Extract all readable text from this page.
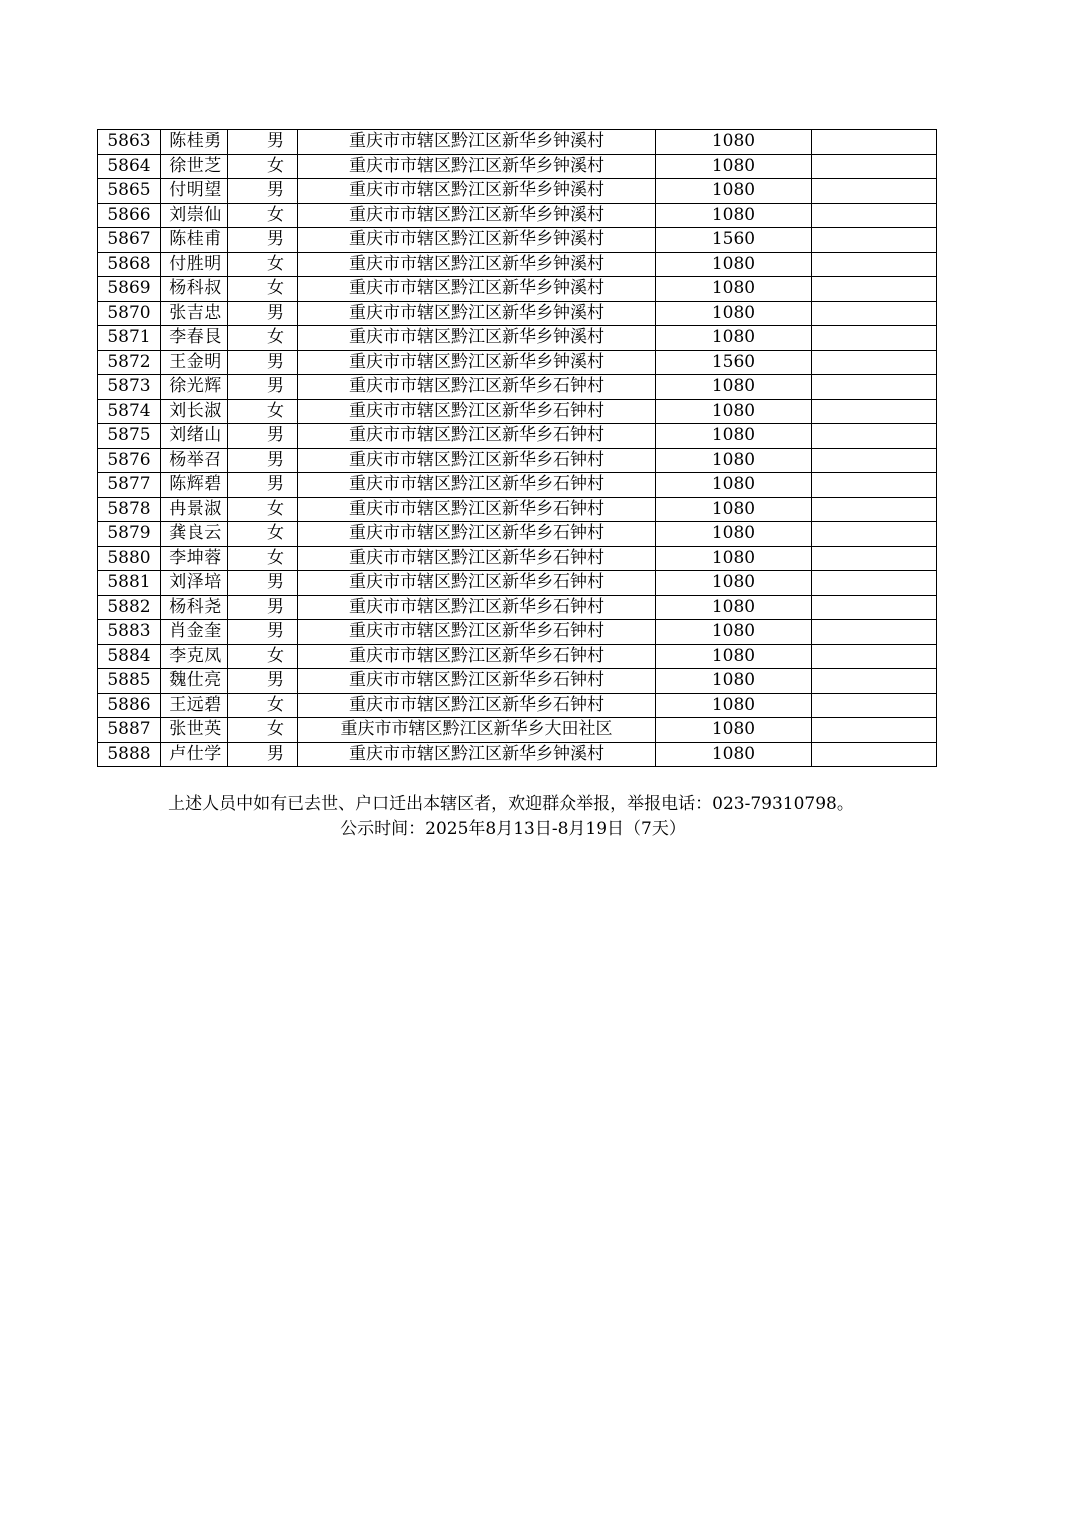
5863	陈桂勇	男	重庆市市辖区黔江区新华乡钟溪村	1080	
5864	徐世芝	女	重庆市市辖区黔江区新华乡钟溪村	1080	
5865	付明望	男	重庆市市辖区黔江区新华乡钟溪村	1080	
5866	刘崇仙	女	重庆市市辖区黔江区新华乡钟溪村	1080	
5867	陈桂甫	男	重庆市市辖区黔江区新华乡钟溪村	1560	
5868	付胜明	女	重庆市市辖区黔江区新华乡钟溪村	1080	
5869	杨科叔	女	重庆市市辖区黔江区新华乡钟溪村	1080	
5870	张吉忠	男	重庆市市辖区黔江区新华乡钟溪村	1080	
5871	李春艮	女	重庆市市辖区黔江区新华乡钟溪村	1080	
5872	王金明	男	重庆市市辖区黔江区新华乡钟溪村	1560	
5873	徐光辉	男	重庆市市辖区黔江区新华乡石钟村	1080	
5874	刘长淑	女	重庆市市辖区黔江区新华乡石钟村	1080	
5875	刘绪山	男	重庆市市辖区黔江区新华乡石钟村	1080	
5876	杨举召	男	重庆市市辖区黔江区新华乡石钟村	1080	
5877	陈辉碧	男	重庆市市辖区黔江区新华乡石钟村	1080	
5878	冉景淑	女	重庆市市辖区黔江区新华乡石钟村	1080	
5879	龚良云	女	重庆市市辖区黔江区新华乡石钟村	1080	
5880	李坤蓉	女	重庆市市辖区黔江区新华乡石钟村	1080	
5881	刘泽培	男	重庆市市辖区黔江区新华乡石钟村	1080	
5882	杨科尧	男	重庆市市辖区黔江区新华乡石钟村	1080	
5883	肖金奎	男	重庆市市辖区黔江区新华乡石钟村	1080	
5884	李克凤	女	重庆市市辖区黔江区新华乡石钟村	1080	
5885	魏仕亮	男	重庆市市辖区黔江区新华乡石钟村	1080	
5886	王远碧	女	重庆市市辖区黔江区新华乡石钟村	1080	
5887	张世英	女	重庆市市辖区黔江区新华乡大田社区	1080	
5888	卢仕学	男	重庆市市辖区黔江区新华乡钟溪村	1080	
上述人员中如有已去世、户口迁出本辖区者，欢迎群众举报，举报电话：023-79310798。
公示时间：2025年8月13日-8月19日（7天）
